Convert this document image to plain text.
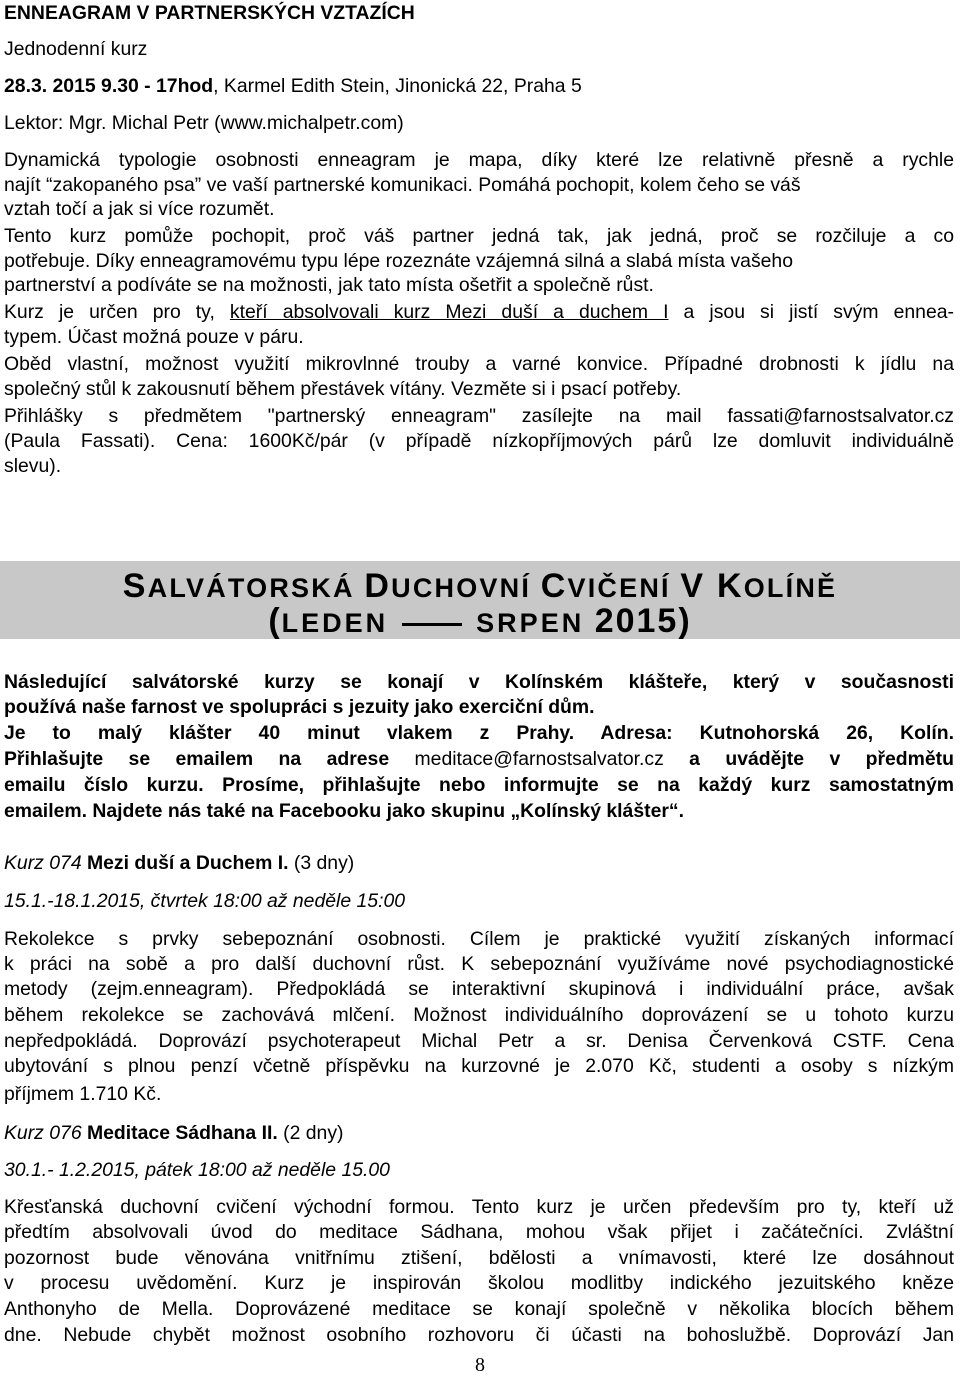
ENNEAGRAM V PARTNERSKÝCH VZTAZÍCH
Jednodenní kurz
28.3. 2015 9.30 - 17hod, Karmel Edith Stein, Jinonická 22, Praha 5
Lektor: Mgr. Michal Petr (www.michalpetr.com)
Dynamická typologie osobnosti enneagram je mapa, díky které lze relativně přesně a rychle
najít “zakopaného psa” ve vaší partnerské komunikaci. Pomáhá pochopit, kolem čeho se váš
vztah točí a jak si více rozumět.
Tento kurz pomůže pochopit, proč váš partner jedná tak, jak jedná, proč se rozčiluje a co
potřebuje. Díky enneagramovému typu lépe rozeznáte vzájemná silná a slabá místa vašeho
partnerství a podíváte se na možnosti, jak tato místa ošetřit a společně růst.
Kurz je určen pro ty, kteří absolvovali kurz Mezi duší a duchem I a jsou si jistí svým ennea-
typem. Účast možná pouze v páru.
Oběd vlastní, možnost využití mikrovlnné trouby a varné konvice. Případné drobnosti k jídlu na
společný stůl k zakousnutí během přestávek vítány. Vezměte si i psací potřeby.
Přihlášky s předmětem "partnerský enneagram" zasílejte na mail fassati@farnostsalvator.cz
(Paula Fassati). Cena: 1600Kč/pár (v případě nízkopříjmových párů lze domluvit individuálně
slevu).
SALVÁTORSKÁ DUCHOVNÍ CVIČENÍ V KOLÍNĚ
(LEDEN	SRPEN 2015)
Následující salvátorské kurzy se konají v Kolínském klášteře, který v současnosti
používá naše farnost ve spolupráci s jezuity jako exerciční dům.
Je to malý klášter 40 minut vlakem z Prahy. Adresa: Kutnohorská 26, Kolín.
Přihlašujte se emailem na adrese meditace@farnostsalvator.cz a uvádějte v předmětu
emailu číslo kurzu. Prosíme, přihlašujte nebo informujte se na každý kurz samostatným
emailem. Najdete nás také na Facebooku jako skupinu „Kolínský klášter“.
Kurz 074 Mezi duší a Duchem I. (3 dny)
15.1.-18.1.2015, čtvrtek 18:00 až neděle 15:00
Rekolekce s prvky sebepoznání osobnosti. Cílem je praktické využití získaných informací
k práci na sobě a pro další duchovní růst. K sebepoznání využíváme nové psychodiagnostické
metody (zejm.enneagram). Předpokládá se interaktivní skupinová i individuální práce, avšak
během rekolekce se zachovává mlčení. Možnost individuálního doprovázení se u tohoto kurzu
nepředpokládá. Doprovází psychoterapeut Michal Petr a sr. Denisa Červenková CSTF. Cena
ubytování s plnou penzí včetně příspěvku na kurzovné je 2.070 Kč, studenti a osoby s nízkým
příjmem 1.710 Kč.
Kurz 076 Meditace Sádhana II. (2 dny)
30.1.- 1.2.2015, pátek 18:00 až neděle 15.00
Křesťanská duchovní cvičení východní formou. Tento kurz je určen především pro ty, kteří už
předtím absolvovali úvod do meditace Sádhana, mohou však přijet i začátečníci. Zvláštní
pozornost bude věnována vnitřnímu ztišení, bdělosti a vnímavosti, které lze dosáhnout
v procesu uvědomění. Kurz je inspirován školou modlitby indického jezuitského kněze
Anthonyho de Mella. Doprovázené meditace se konají společně v několika blocích během
dne. Nebude chybět možnost osobního rozhovoru či účasti na bohoslužbě. Doprovází Jan
8
